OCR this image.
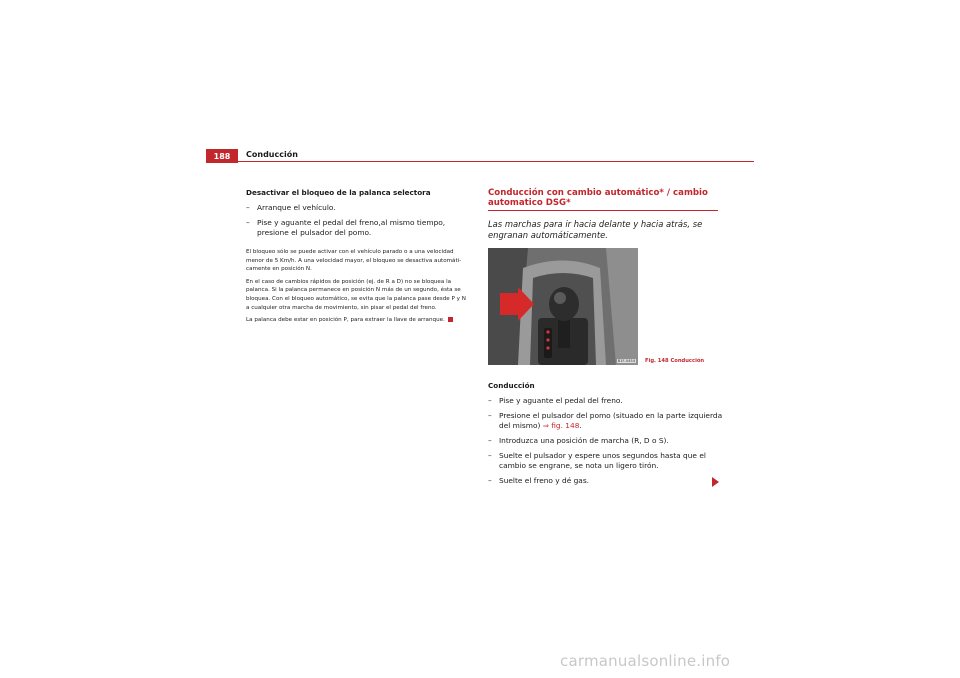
188	Conducción

Desactivar el bloqueo de la palanca selectora

– Arranque el vehículo.
– Pise y aguante el pedal del freno,al mismo tiempo, presione el pulsador del pomo.

El bloqueo sólo se puede activar con el vehículo parado o a una velocidad menor de 5 Km/h. A una velocidad mayor, el bloqueo se desactiva automáti-camente en posición N.

En el caso de cambios rápidos de posición (ej. de R a D) no se bloquea la palanca. Si la palanca permanece en posición N más de un segundo, ésta se bloquea. Con el bloqueo automático, se evita que la palanca pase desde P y N a cualquier otra marcha de movimiento, sin pisar el pedal del freno.

La palanca debe estar en posición P, para extraer la llave de arranque.

Conducción con cambio automático* / cambio automatico DSG*

Las marchas para ir hacia delante y hacia atrás, se engranan automáticamente.

B1F-0454 Fig. 148 Conducción

Conducción

– Pise y aguante el pedal del freno.
– Presione el pulsador del pomo (situado en la parte izquierda del mismo) ⇒ fig. 148.
– Introduzca una posición de marcha (R, D o S).
– Suelte el pulsador y espere unos segundos hasta que el cambio se engrane, se nota un ligero tirón.
– Suelte el freno y dé gas.
carmanualsonline.info
